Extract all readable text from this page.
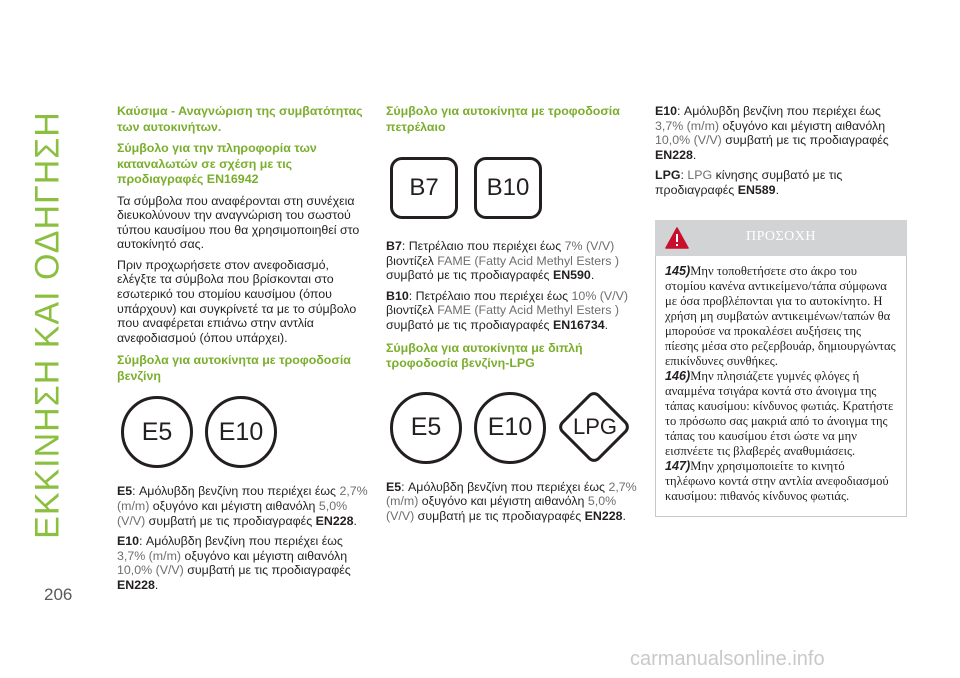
ΕΚΚΙΝΗΣΗ ΚΑΙ ΟΔΗΓΗΣΗ
Καύσιμα - Αναγνώριση της συμβατότητας των αυτοκινήτων.
Σύμβολο για την πληροφορία των καταναλωτών σε σχέση με τις προδιαγραφές EN16942

Τα σύμβολα που αναφέρονται στη συνέχεια διευκολύνουν την αναγνώριση του σωστού τύπου καυσίμου που θα χρησιμοποιηθεί στο αυτοκίνητό σας.

Πριν προχωρήσετε στον ανεφοδιασμό, ελέγξτε τα σύμβολα που βρίσκονται στο εσωτερικό του στομίου καυσίμου (όπου υπάρχουν) και συγκρίνετέ τα με το σύμβολο που αναφέρεται επιάνω στην αντλία ανεφοδιασμού (όπου υπάρχει).

Σύμβολα για αυτοκίνητα με τροφοδοσία βενζίνη
E5	E10

E5: Αμόλυβδη βενζίνη που περιέχει έως 2,7% (m/m) οξυγόνο και μέγιστη αιθανόλη 5,0% (V/V) συμβατή με τις προδιαγραφές EN228.

E10: Αμόλυβδη βενζίνη που περιέχει έως 3,7% (m/m) οξυγόνο και μέγιστη αιθανόλη 10,0% (V/V) συμβατή με τις προδιαγραφές EN228.

Σύμβολο για αυτοκίνητα με τροφοδοσία πετρέλαιο
B7	B10

B7: Πετρέλαιο που περιέχει έως 7% (V/V) βιοντίζελ FAME (Fatty Acid Methyl Esters ) συμβατό με τις προδιαγραφές EN590.

B10: Πετρέλαιο που περιέχει έως 10% (V/V) βιοντίζελ FAME (Fatty Acid Methyl Esters ) συμβατό με τις προδιαγραφές EN16734.

Σύμβολα για αυτοκίνητα με διπλή τροφοδοσία βενζίνη-LPG
E5	E10	LPG

E5: Αμόλυβδη βενζίνη που περιέχει έως 2,7% (m/m) οξυγόνο και μέγιστη αιθανόλη 5,0% (V/V) συμβατή με τις προδιαγραφές EN228.

E10: Αμόλυβδη βενζίνη που περιέχει έως 3,7% (m/m) οξυγόνο και μέγιστη αιθανόλη 10,0% (V/V) συμβατή με τις προδιαγραφές EN228.

LPG: LPG κίνησης συμβατό με τις προδιαγραφές EN589.

ΠΡΟΣΟΧΗ

145)Μην τοποθετήσετε στο άκρο του στομίου κανένα αντικείμενο/τάπα σύμφωνα με όσα προβλέπονται για το αυτοκίνητο. Η χρήση μη συμβατών αντικειμένων/ταπών θα μπορούσε να προκαλέσει αυξήσεις της πίεσης μέσα στο ρεζερβουάρ, δημιουργώντας επικίνδυνες συνθήκες.

146)Μην πλησιάζετε γυμνές φλόγες ή αναμμένα τσιγάρα κοντά στο άνοιγμα της τάπας καυσίμου: κίνδυνος φωτιάς. Κρατήστε το πρόσωπο σας μακριά από το άνοιγμα της τάπας του καυσίμου έτσι ώστε να μην εισπνέετε τις βλαβερές αναθυμιάσεις.

147)Μην χρησιμοποιείτε το κινητό τηλέφωνο κοντά στην αντλία ανεφοδιασμού καυσίμου: πιθανός κίνδυνος φωτιάς.

206
carmanualsonline.info
